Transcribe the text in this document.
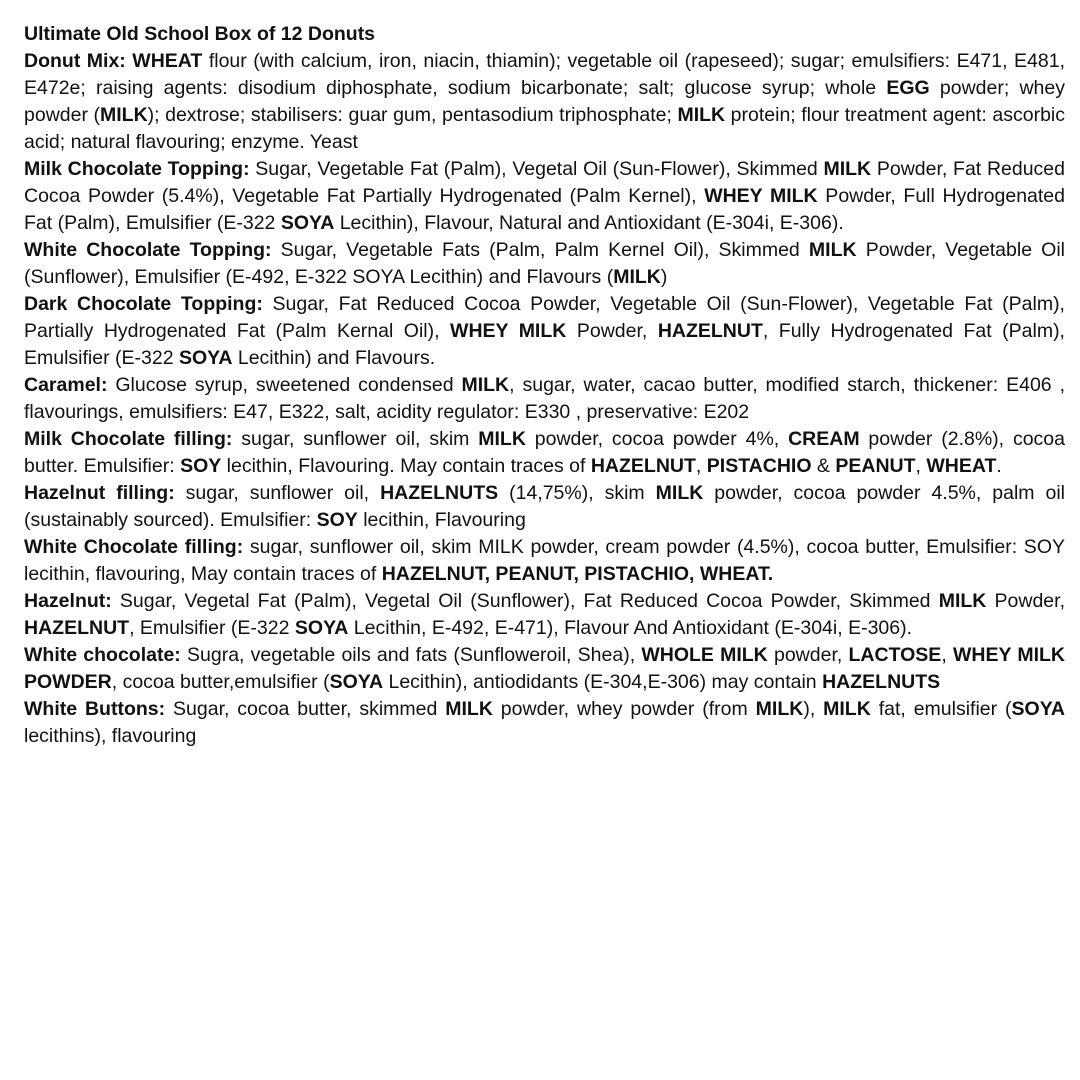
Ultimate Old School Box of 12 Donuts

Donut Mix: WHEAT flour (with calcium, iron, niacin, thiamin); vegetable oil (rapeseed); sugar; emulsifiers: E471, E481, E472e; raising agents: disodium diphosphate, sodium bicarbonate; salt; glucose syrup; whole EGG powder; whey powder (MILK); dextrose; stabilisers: guar gum, pentasodium triphosphate; MILK protein; flour treatment agent: ascorbic acid; natural flavouring; enzyme. Yeast

Milk Chocolate Topping: Sugar, Vegetable Fat (Palm), Vegetal Oil (Sun-Flower), Skimmed MILK Powder, Fat Reduced Cocoa Powder (5.4%), Vegetable Fat Partially Hydrogenated (Palm Kernel), WHEY MILK Powder, Full Hydrogenated Fat (Palm), Emulsifier (E-322 SOYA Lecithin), Flavour, Natural and Antioxidant (E-304i, E-306).

White Chocolate Topping: Sugar, Vegetable Fats (Palm, Palm Kernel Oil), Skimmed MILK Powder, Vegetable Oil (Sunflower), Emulsifier (E-492, E-322 SOYA Lecithin) and Flavours (MILK)

Dark Chocolate Topping: Sugar, Fat Reduced Cocoa Powder, Vegetable Oil (Sun-Flower), Vegetable Fat (Palm), Partially Hydrogenated Fat (Palm Kernal Oil), WHEY MILK Powder, HAZELNUT, Fully Hydrogenated Fat (Palm), Emulsifier (E-322 SOYA Lecithin) and Flavours.

Caramel: Glucose syrup, sweetened condensed MILK, sugar, water, cacao butter, modified starch, thickener: E406 , flavourings, emulsifiers: E47, E322, salt, acidity regulator: E330 , preservative: E202

Milk Chocolate filling: sugar, sunflower oil, skim MILK powder, cocoa powder 4%, CREAM powder (2.8%), cocoa butter. Emulsifier: SOY lecithin, Flavouring. May contain traces of HAZELNUT, PISTACHIO & PEANUT, WHEAT.

Hazelnut filling: sugar, sunflower oil, HAZELNUTS (14,75%), skim MILK powder, cocoa powder 4.5%, palm oil (sustainably sourced). Emulsifier: SOY lecithin, Flavouring

White Chocolate filling: sugar, sunflower oil, skim MILK powder, cream powder (4.5%), cocoa butter, Emulsifier: SOY lecithin, flavouring, May contain traces of HAZELNUT, PEANUT, PISTACHIO, WHEAT.

Hazelnut: Sugar, Vegetal Fat (Palm), Vegetal Oil (Sunflower), Fat Reduced Cocoa Powder, Skimmed MILK Powder, HAZELNUT, Emulsifier (E-322 SOYA Lecithin, E-492, E-471), Flavour And Antioxidant (E-304i, E-306).

White chocolate: Sugra, vegetable oils and fats (Sunfloweroil, Shea), WHOLE MILK powder, LACTOSE, WHEY MILK POWDER, cocoa butter,emulsifier (SOYA Lecithin), antiodidants (E-304,E-306) may contain HAZELNUTS

White Buttons: Sugar, cocoa butter, skimmed MILK powder, whey powder (from MILK), MILK fat, emulsifier (SOYA lecithins), flavouring
